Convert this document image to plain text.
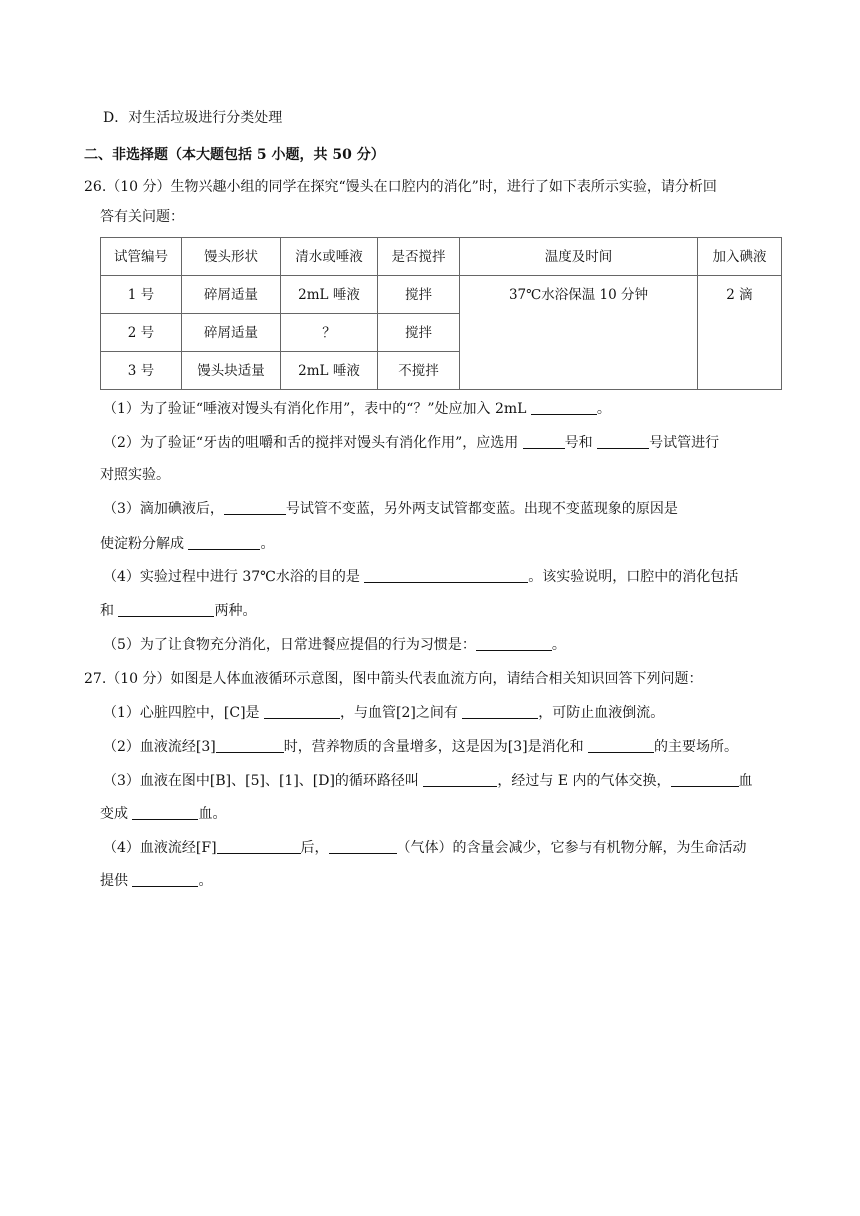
D．对生活垃圾进行分类处理
二、非选择题（本大题包括 5 小题，共 50 分）
26.（10 分）生物兴趣小组的同学在探究“馒头在口腔内的消化”时，进行了如下表所示实验，请分析回
答有关问题：
试管编号	馒头形状	清水或唾液	是否搅拌	温度及时间	加入碘液
1 号	碎屑适量	2mL 唾液	搅拌	37℃水浴保温 10 分钟	2 滴
2 号	碎屑适量	？	搅拌		
3 号	馒头块适量	2mL 唾液	不搅拌		
（1）为了验证“唾液对馒头有消化作用”，表中的“？”处应加入 2mL	。
（2）为了验证“牙齿的咀嚼和舌的搅拌对馒头有消化作用”，应选用	号和	号试管进行
对照实验。
（3）滴加碘液后，	号试管不变蓝，另外两支试管都变蓝。出现不变蓝现象的原因是
使淀粉分解成	。
（4）实验过程中进行 37℃水浴的目的是	。该实验说明，口腔中的消化包括
和	两种。
（5）为了让食物充分消化，日常进餐应提倡的行为习惯是：	。
27.（10 分）如图是人体血液循环示意图，图中箭头代表血流方向，请结合相关知识回答下列问题：
（1）心脏四腔中，[C]是	，与血管[2]之间有	，可防止血液倒流。
（2）血液流经[3]	时，营养物质的含量增多，这是因为[3]是消化和	的主要场所。
（3）血液在图中[B]、[5]、[1]、[D]的循环路径叫	，经过与 E 内的气体交换，	血
变成	血。
（4）血液流经[F]	后，	（气体）的含量会减少，它参与有机物分解，为生命活动
提供	。
